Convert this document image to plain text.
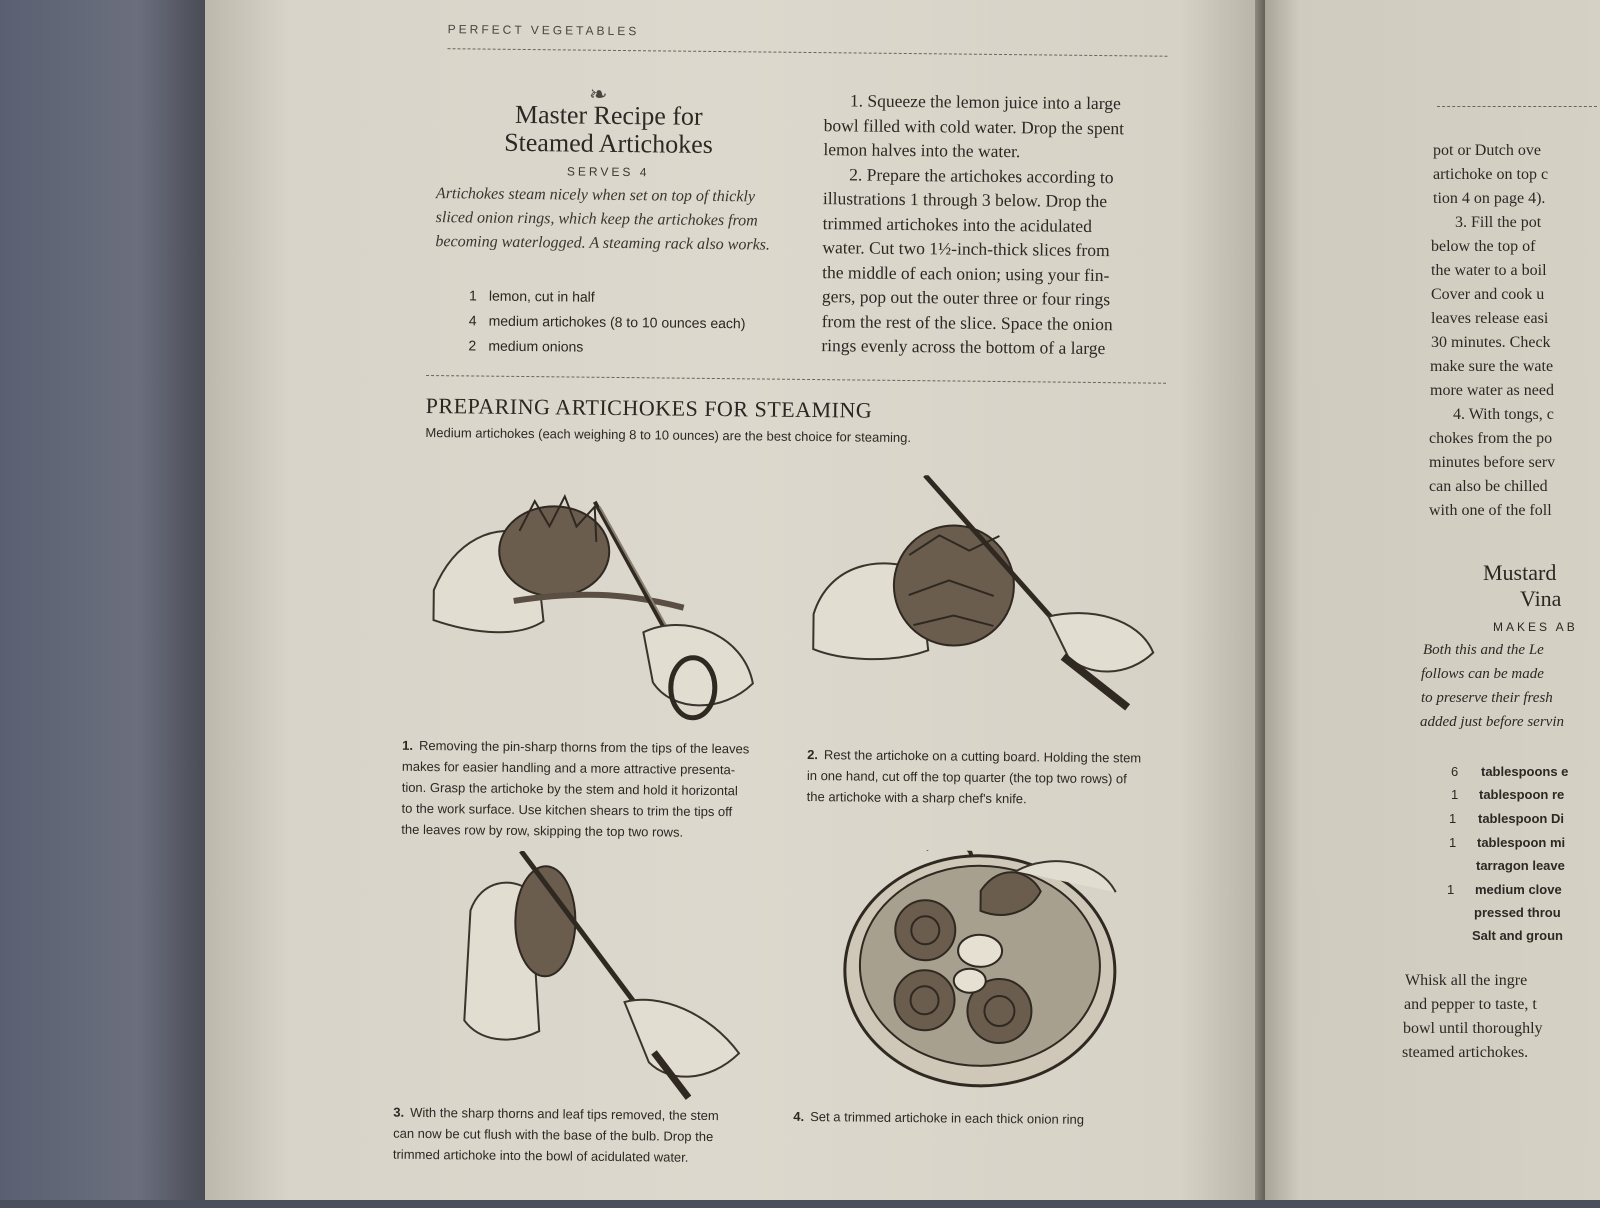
PERFECT VEGETABLES
❧
Master Recipe for
Steamed Artichokes
SERVES 4
Artichokes steam nicely when set on top of thickly
sliced onion rings, which keep the artichokes from
becoming waterlogged. A steaming rack also works.
1 lemon, cut in half
4 medium artichokes (8 to 10 ounces each)
2 medium onions
1. Squeeze the lemon juice into a large
bowl filled with cold water. Drop the spent
lemon halves into the water.
2. Prepare the artichokes according to
illustrations 1 through 3 below. Drop the
trimmed artichokes into the acidulated
water. Cut two 1½-inch-thick slices from
the middle of each onion; using your fin-
gers, pop out the outer three or four rings
from the rest of the slice. Space the onion
rings evenly across the bottom of a large
PREPARING ARTICHOKES FOR STEAMING
Medium artichokes (each weighing 8 to 10 ounces) are the best choice for steaming.
1. Removing the pin-sharp thorns from the tips of the leaves
makes for easier handling and a more attractive presenta-
tion. Grasp the artichoke by the stem and hold it horizontal
to the work surface. Use kitchen shears to trim the tips off
the leaves row by row, skipping the top two rows.
2. Rest the artichoke on a cutting board. Holding the stem
in one hand, cut off the top quarter (the top two rows) of
the artichoke with a sharp chef's knife.
3. With the sharp thorns and leaf tips removed, the stem
can now be cut flush with the base of the bulb. Drop the
trimmed artichoke into the bowl of acidulated water.
4. Set a trimmed artichoke in each thick onion ring
pot or Dutch ove
artichoke on top c
tion 4 on page 4).
3. Fill the pot
below the top of
the water to a boil
Cover and cook u
leaves release easi
30 minutes. Check
make sure the wate
more water as need
4. With tongs, c
chokes from the po
minutes before serv
can also be chilled
with one of the foll
Mustard
Vina
MAKES AB
Both this and the Le
follows can be made
to preserve their fresh
added just before servin
6 tablespoons e
1 tablespoon re
1 tablespoon Di
1 tablespoon mi
tarragon leave
1 medium clove
pressed throu
Salt and groun
Whisk all the ingre
and pepper to taste, t
bowl until thoroughly
steamed artichokes.
